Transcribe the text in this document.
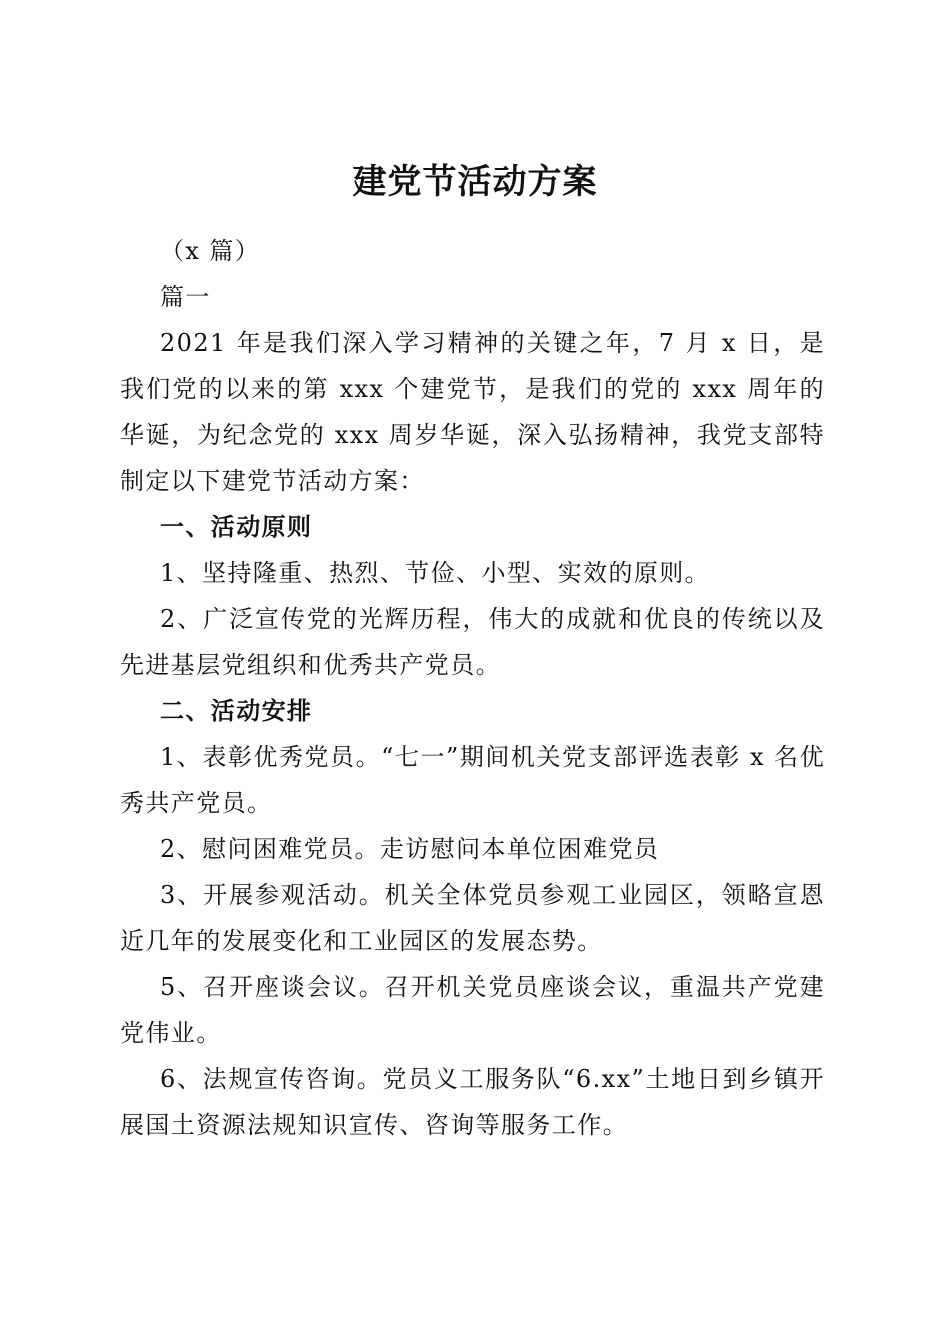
建党节活动方案

（x 篇）

篇一

2021 年是我们深入学习精神的关键之年，7 月 x 日，是我们党的以来的第 xxx 个建党节，是我们的党的 xxx 周年的华诞，为纪念党的 xxx 周岁华诞，深入弘扬精神，我党支部特制定以下建党节活动方案：

一、活动原则

1、坚持隆重、热烈、节俭、小型、实效的原则。

2、广泛宣传党的光辉历程，伟大的成就和优良的传统以及先进基层党组织和优秀共产党员。

二、活动安排

1、表彰优秀党员。“七一”期间机关党支部评选表彰 x 名优秀共产党员。

2、慰问困难党员。走访慰问本单位困难党员

3、开展参观活动。机关全体党员参观工业园区，领略宣恩近几年的发展变化和工业园区的发展态势。

5、召开座谈会议。召开机关党员座谈会议，重温共产党建党伟业。

6、法规宣传咨询。党员义工服务队“6.xx”土地日到乡镇开展国土资源法规知识宣传、咨询等服务工作。
